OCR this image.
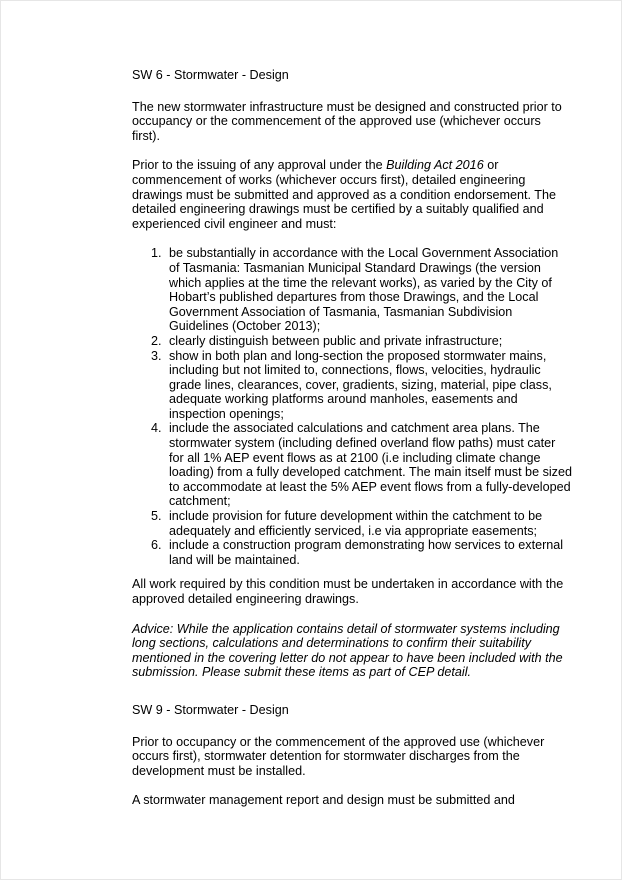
SW 6 - Stormwater - Design

The new stormwater infrastructure must be designed and constructed prior to occupancy or the commencement of the approved use (whichever occurs first).

Prior to the issuing of any approval under the Building Act 2016 or commencement of works (whichever occurs first), detailed engineering drawings must be submitted and approved as a condition endorsement. The detailed engineering drawings must be certified by a suitably qualified and experienced civil engineer and must:

1. be substantially in accordance with the Local Government Association of Tasmania: Tasmanian Municipal Standard Drawings (the version which applies at the time the relevant works), as varied by the City of Hobart’s published departures from those Drawings, and the Local Government Association of Tasmania, Tasmanian Subdivision Guidelines (October 2013);
2. clearly distinguish between public and private infrastructure;
3. show in both plan and long-section the proposed stormwater mains, including but not limited to, connections, flows, velocities, hydraulic grade lines, clearances, cover, gradients, sizing, material, pipe class, adequate working platforms around manholes, easements and inspection openings;
4. include the associated calculations and catchment area plans. The stormwater system (including defined overland flow paths) must cater for all 1% AEP event flows as at 2100 (i.e including climate change loading) from a fully developed catchment. The main itself must be sized to accommodate at least the 5% AEP event flows from a fully-developed catchment;
5. include provision for future development within the catchment to be adequately and efficiently serviced, i.e via appropriate easements;
6. include a construction program demonstrating how services to external land will be maintained.

All work required by this condition must be undertaken in accordance with the approved detailed engineering drawings.

Advice: While the application contains detail of stormwater systems including long sections, calculations and determinations to confirm their suitability mentioned in the covering letter do not appear to have been included with the submission. Please submit these items as part of CEP detail.

SW 9 - Stormwater - Design

Prior to occupancy or the commencement of the approved use (whichever occurs first), stormwater detention for stormwater discharges from the development must be installed.

A stormwater management report and design must be submitted and
